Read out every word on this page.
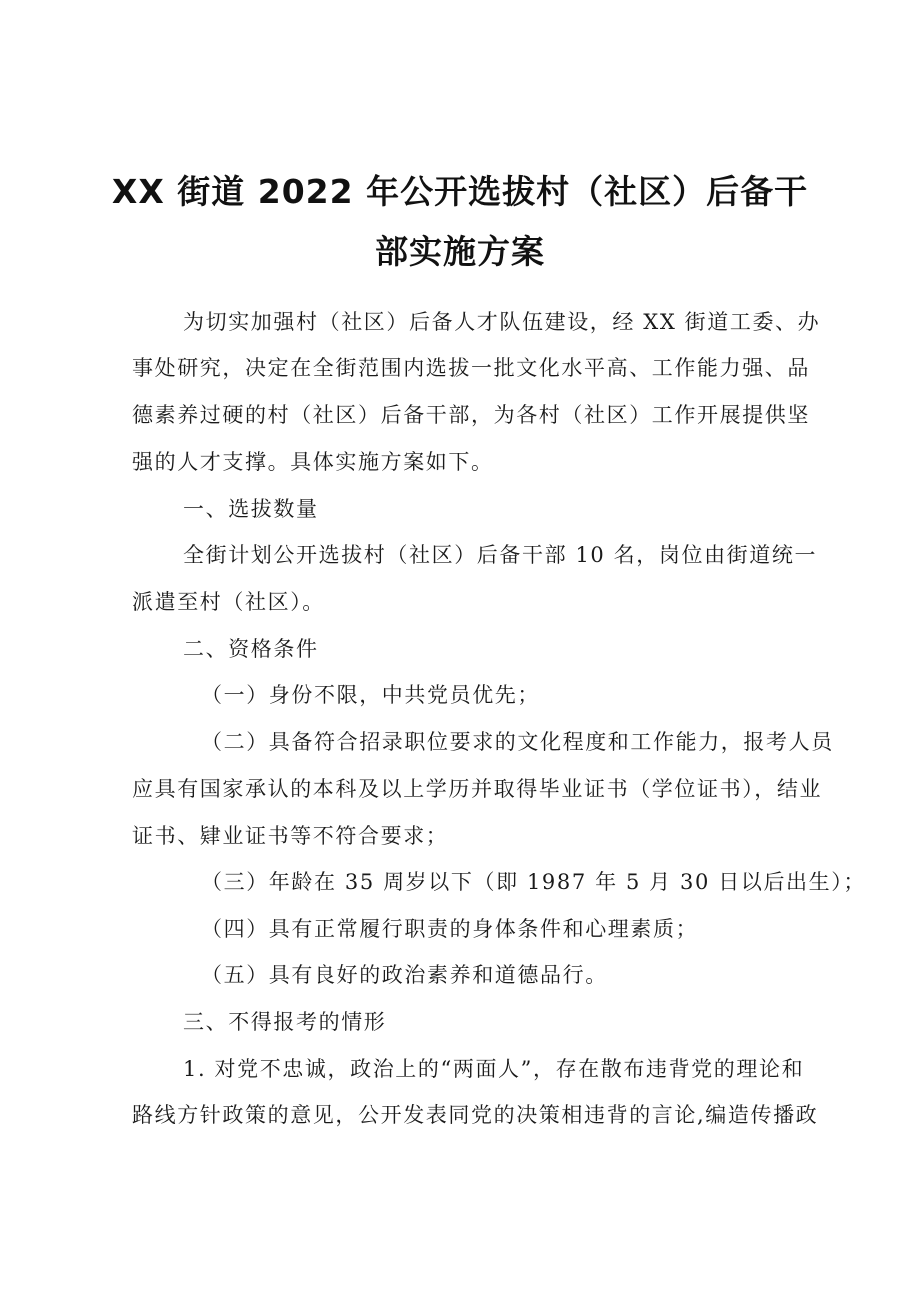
XX 街道 2022 年公开选拔村（社区）后备干
部实施方案
为切实加强村（社区）后备人才队伍建设，经 XX 街道工委、办
事处研究，决定在全街范围内选拔一批文化水平高、工作能力强、品
德素养过硬的村（社区）后备干部，为各村（社区）工作开展提供坚
强的人才支撑。具体实施方案如下。
一、选拔数量
全街计划公开选拔村（社区）后备干部 10 名，岗位由街道统一
派遣至村（社区）。
二、资格条件
（一）身份不限，中共党员优先；
（二）具备符合招录职位要求的文化程度和工作能力，报考人员
应具有国家承认的本科及以上学历并取得毕业证书（学位证书），结业
证书、肄业证书等不符合要求；
（三）年龄在 35 周岁以下（即 1987 年 5 月 30 日以后出生）；
（四）具有正常履行职责的身体条件和心理素质；
（五）具有良好的政治素养和道德品行。
三、不得报考的情形
1. 对党不忠诚，政治上的“两面人”，存在散布违背党的理论和
路线方针政策的意见，公开发表同党的决策相违背的言论,编造传播政
